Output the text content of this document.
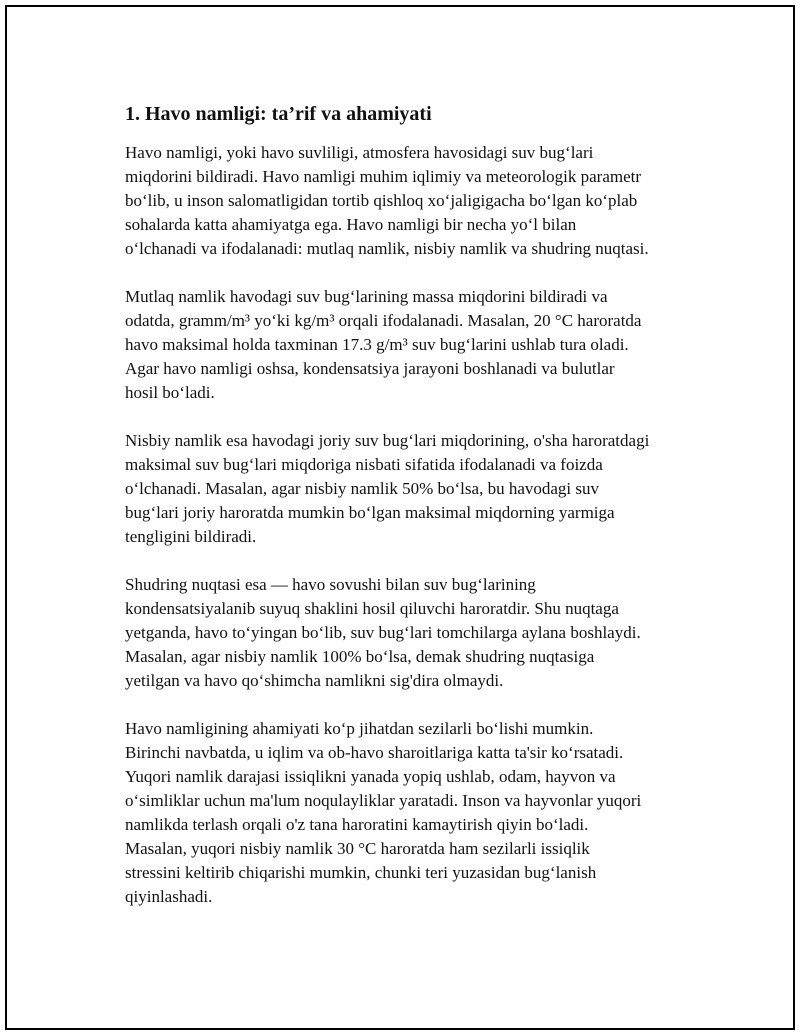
1. Havo namligi: ta’rif va ahamiyati

Havo namligi, yoki havo suvliligi, atmosfera havosidagi suv bug‘lari
miqdorini bildiradi. Havo namligi muhim iqlimiy va meteorologik parametr
bo‘lib, u inson salomatligidan tortib qishloq xo‘jaligigacha bo‘lgan ko‘plab
sohalarda katta ahamiyatga ega. Havo namligi bir necha yo‘l bilan
o‘lchanadi va ifodalanadi: mutlaq namlik, nisbiy namlik va shudring nuqtasi.

Mutlaq namlik havodagi suv bug‘larining massa miqdorini bildiradi va
odatda, gramm/m³ yo‘ki kg/m³ orqali ifodalanadi. Masalan, 20 °C haroratda
havo maksimal holda taxminan 17.3 g/m³ suv bug‘larini ushlab tura oladi.
Agar havo namligi oshsa, kondensatsiya jarayoni boshlanadi va bulutlar
hosil bo‘ladi.

Nisbiy namlik esa havodagi joriy suv bug‘lari miqdorining, o'sha haroratdagi
maksimal suv bug‘lari miqdoriga nisbati sifatida ifodalanadi va foizda
o‘lchanadi. Masalan, agar nisbiy namlik 50% bo‘lsa, bu havodagi suv
bug‘lari joriy haroratda mumkin bo‘lgan maksimal miqdorning yarmiga
tengligini bildiradi.

Shudring nuqtasi esa — havo sovushi bilan suv bug‘larining
kondensatsiyalanib suyuq shaklini hosil qiluvchi haroratdir. Shu nuqtaga
yetganda, havo to‘yingan bo‘lib, suv bug‘lari tomchilarga aylana boshlaydi.
Masalan, agar nisbiy namlik 100% bo‘lsa, demak shudring nuqtasiga
yetilgan va havo qo‘shimcha namlikni sig'dira olmaydi.

Havo namligining ahamiyati ko‘p jihatdan sezilarli bo‘lishi mumkin.
Birinchi navbatda, u iqlim va ob-havo sharoitlariga katta ta'sir ko‘rsatadi.
Yuqori namlik darajasi issiqlikni yanada yopiq ushlab, odam, hayvon va
o‘simliklar uchun ma'lum noqulayliklar yaratadi. Inson va hayvonlar yuqori
namlikda terlash orqali o'z tana haroratini kamaytirish qiyin bo‘ladi.
Masalan, yuqori nisbiy namlik 30 °C haroratda ham sezilarli issiqlik
stressini keltirib chiqarishi mumkin, chunki teri yuzasidan bug‘lanish
qiyinlashadi.
